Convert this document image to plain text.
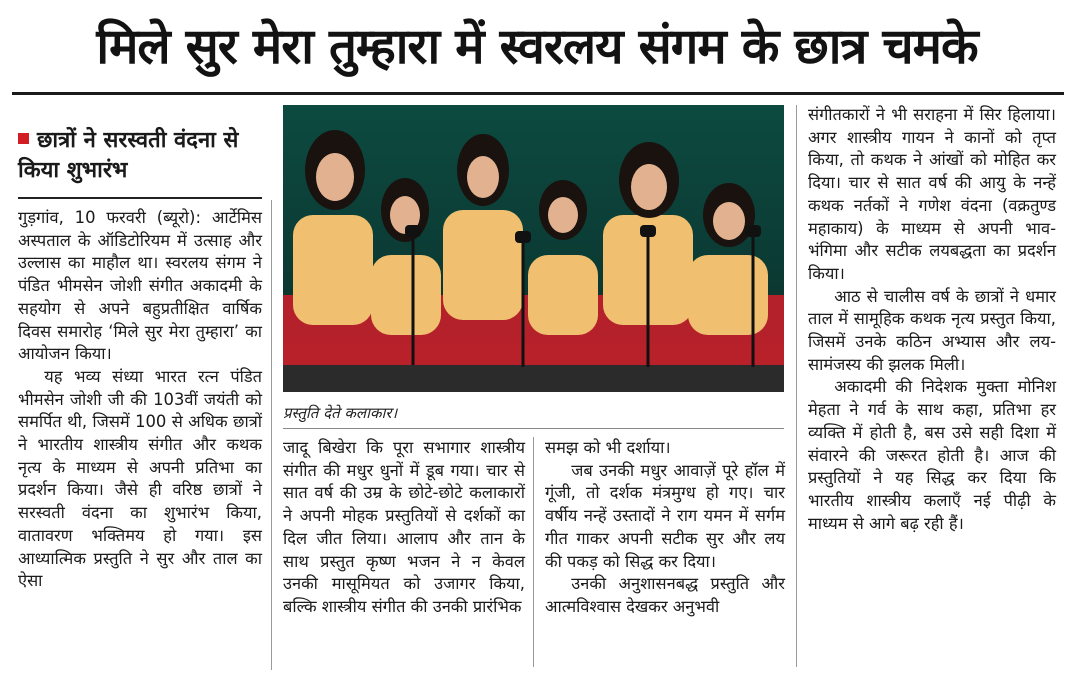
मिले सुर मेरा तुम्हारा में स्वरलय संगम के छात्र चमके
छात्रों ने सरस्वती वंदना से किया शुभारंभ

गुड़गांव, 10 फरवरी (ब्यूरो): आर्टेमिस अस्पताल के ऑडिटोरियम में उत्साह और उल्लास का माहौल था। स्वरलय संगम ने पंडित भीमसेन जोशी संगीत अकादमी के सहयोग से अपने बहुप्रतीक्षित वार्षिक दिवस समारोह ‘मिले सुर मेरा तुम्हारा’ का आयोजन किया।

यह भव्य संध्या भारत रत्न पंडित भीमसेन जोशी जी की 103वीं जयंती को समर्पित थी, जिसमें 100 से अधिक छात्रों ने भारतीय शास्त्रीय संगीत और कथक नृत्य के माध्यम से अपनी प्रतिभा का प्रदर्शन किया। जैसे ही वरिष्ठ छात्रों ने सरस्वती वंदना का शुभारंभ किया, वातावरण भक्तिमय हो गया। इस आध्यात्मिक प्रस्तुति ने सुर और ताल का ऐसा

प्रस्तुति देते कलाकार।

जादू बिखेरा कि पूरा सभागार शास्त्रीय संगीत की मधुर धुनों में डूब गया। चार से सात वर्ष की उम्र के छोटे-छोटे कलाकारों ने अपनी मोहक प्रस्तुतियों से दर्शकों का दिल जीत लिया। आलाप और तान के साथ प्रस्तुत कृष्ण भजन ने न केवल उनकी मासूमियत को उजागर किया, बल्कि शास्त्रीय संगीत की उनकी प्रारंभिक

समझ को भी दर्शाया।

जब उनकी मधुर आवाज़ें पूरे हॉल में गूंजी, तो दर्शक मंत्रमुग्ध हो गए। चार वर्षीय नन्हें उस्तादों ने राग यमन में सर्गम गीत गाकर अपनी सटीक सुर और लय की पकड़ को सिद्ध कर दिया।

उनकी अनुशासनबद्ध प्रस्तुति और आत्मविश्वास देखकर अनुभवी

संगीतकारों ने भी सराहना में सिर हिलाया। अगर शास्त्रीय गायन ने कानों को तृप्त किया, तो कथक ने आंखों को मोहित कर दिया। चार से सात वर्ष की आयु के नन्हें कथक नर्तकों ने गणेश वंदना (वक्रतुण्ड महाकाय) के माध्यम से अपनी भाव-भंगिमा और सटीक लयबद्धता का प्रदर्शन किया।

आठ से चालीस वर्ष के छात्रों ने धमार ताल में सामूहिक कथक नृत्य प्रस्तुत किया, जिसमें उनके कठिन अभ्यास और लय-सामंजस्य की झलक मिली।

अकादमी की निदेशक मुक्ता मोनिश मेहता ने गर्व के साथ कहा, प्रतिभा हर व्यक्ति में होती है, बस उसे सही दिशा में संवारने की जरूरत होती है। आज की प्रस्तुतियों ने यह सिद्ध कर दिया कि भारतीय शास्त्रीय कलाएँ नई पीढ़ी के माध्यम से आगे बढ़ रही हैं।
